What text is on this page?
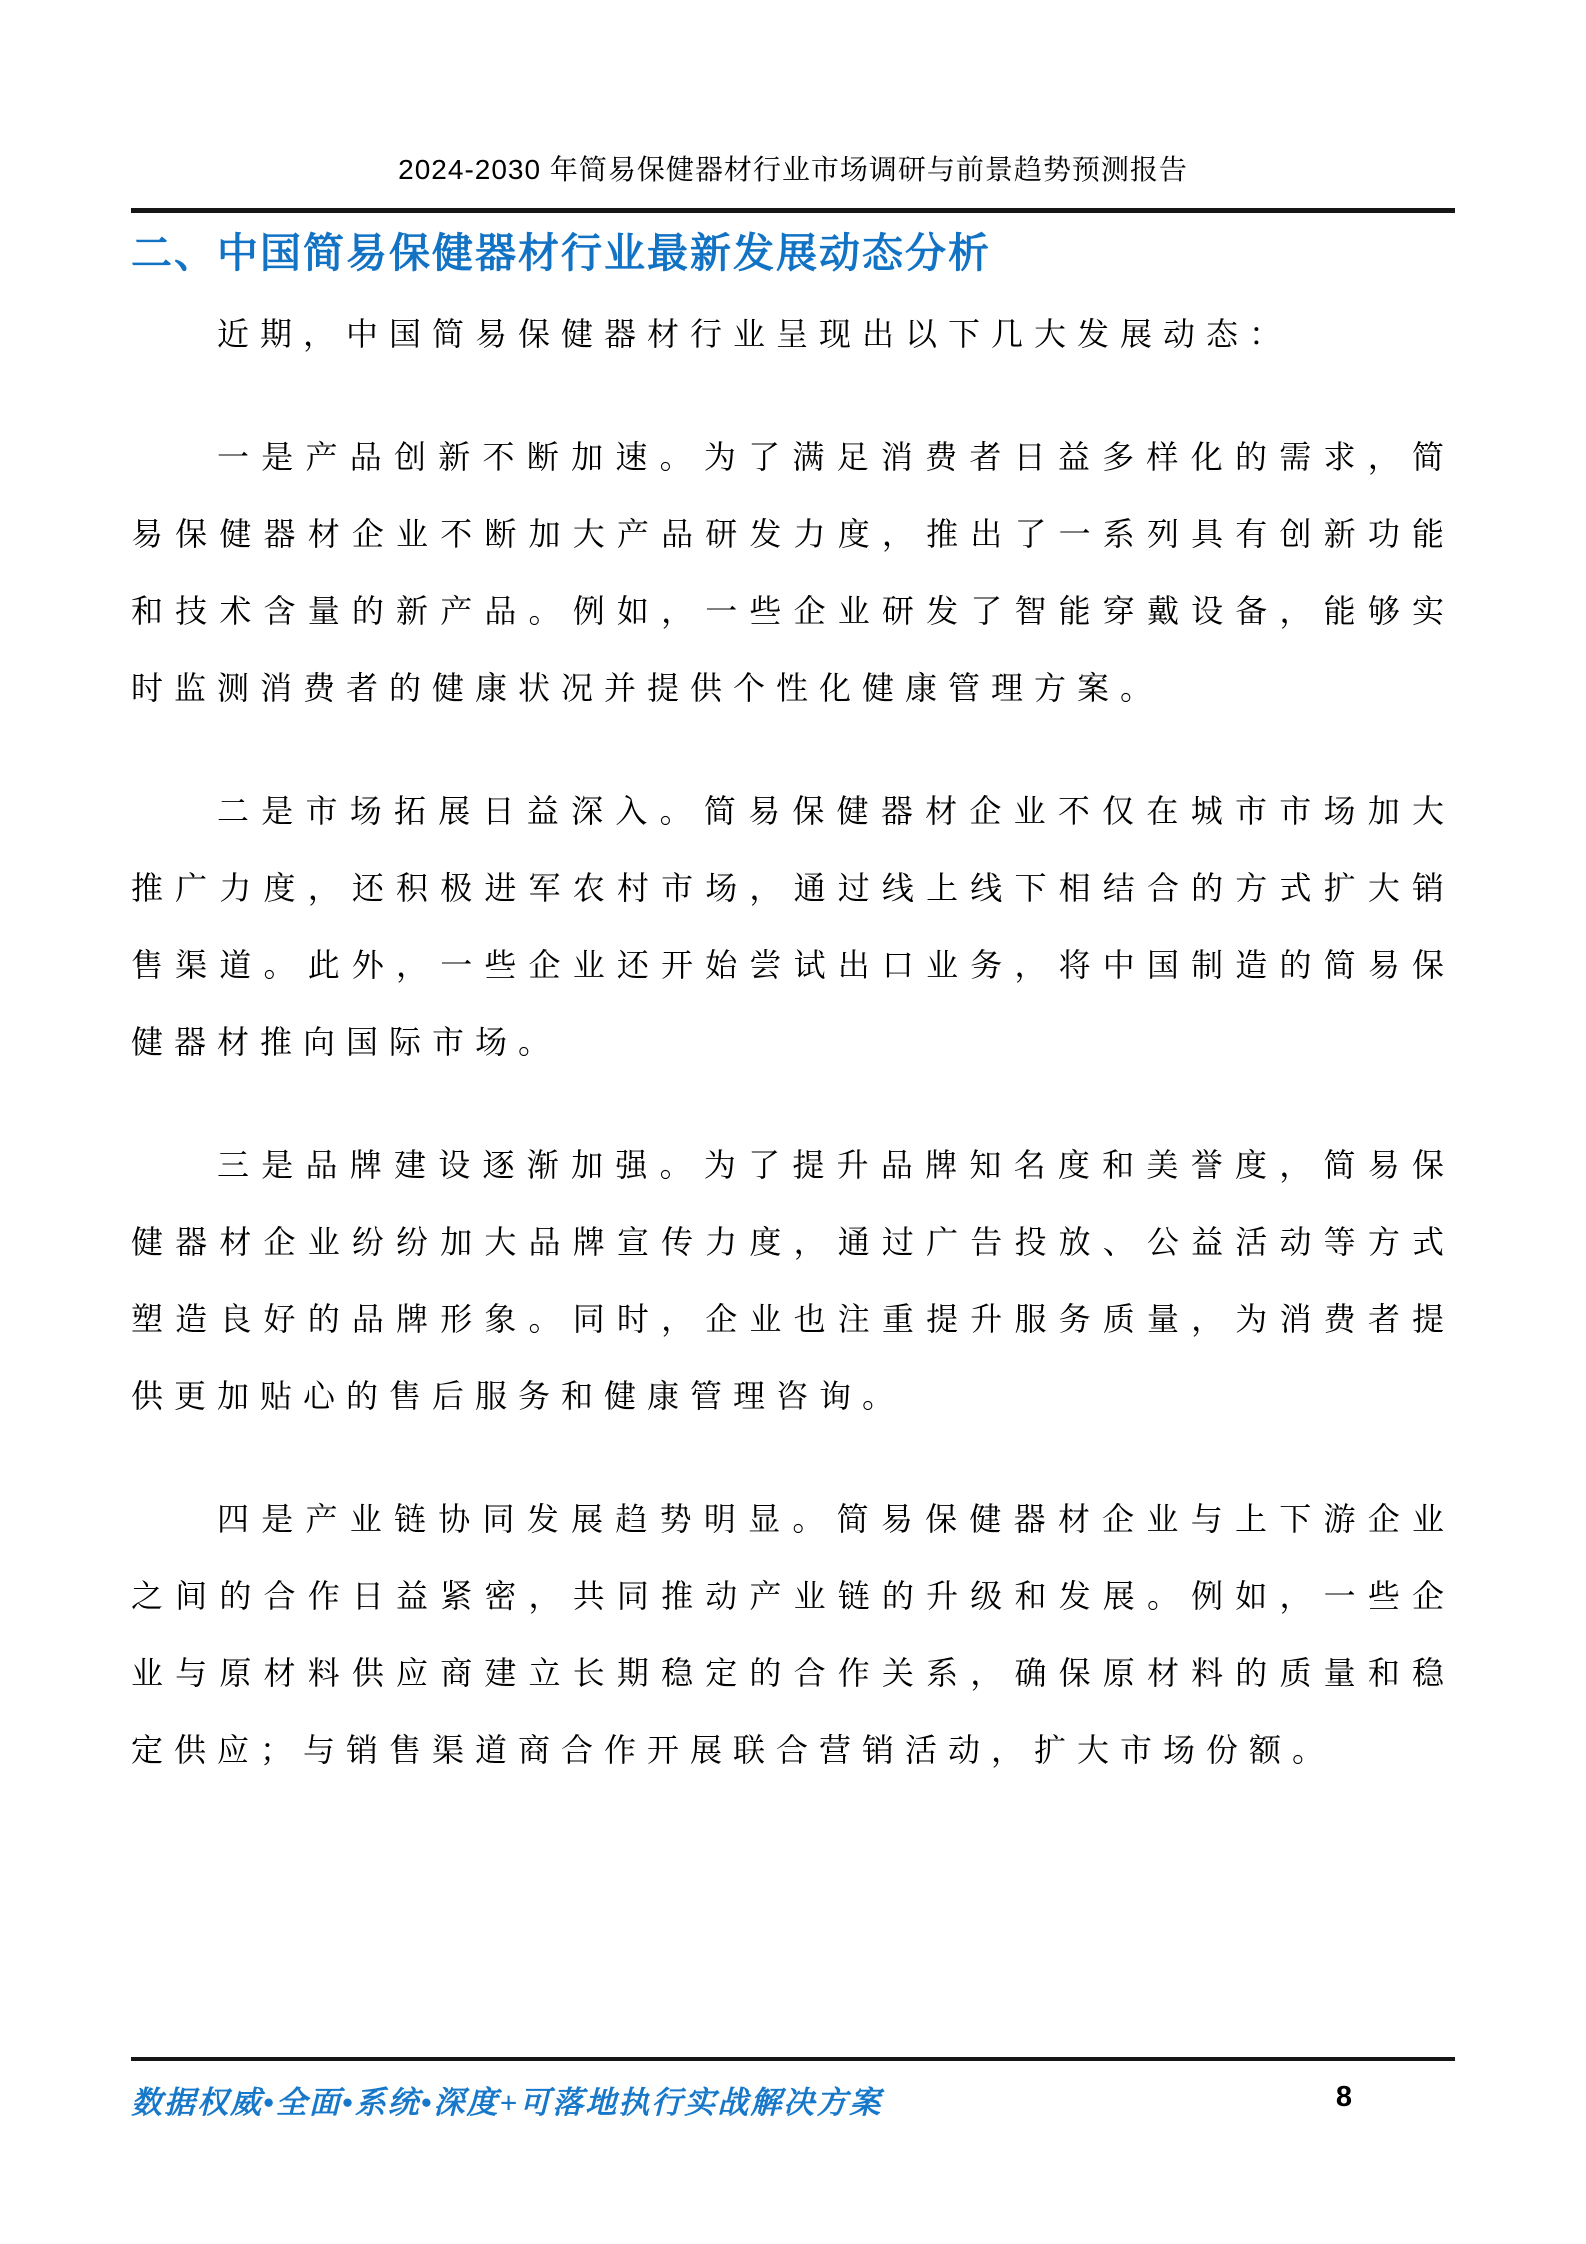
2024-2030 年简易保健器材行业市场调研与前景趋势预测报告
二、中国简易保健器材行业最新发展动态分析

近期，中国简易保健器材行业呈现出以下几大发展动态：

一是产品创新不断加速。为了满足消费者日益多样化的需求，简易保健器材企业不断加大产品研发力度，推出了一系列具有创新功能和技术含量的新产品。例如，一些企业研发了智能穿戴设备，能够实时监测消费者的健康状况并提供个性化健康管理方案。

二是市场拓展日益深入。简易保健器材企业不仅在城市市场加大推广力度，还积极进军农村市场，通过线上线下相结合的方式扩大销售渠道。此外，一些企业还开始尝试出口业务，将中国制造的简易保健器材推向国际市场。

三是品牌建设逐渐加强。为了提升品牌知名度和美誉度，简易保健器材企业纷纷加大品牌宣传力度，通过广告投放、公益活动等方式塑造良好的品牌形象。同时，企业也注重提升服务质量，为消费者提供更加贴心的售后服务和健康管理咨询。

四是产业链协同发展趋势明显。简易保健器材企业与上下游企业之间的合作日益紧密，共同推动产业链的升级和发展。例如，一些企业与原材料供应商建立长期稳定的合作关系，确保原材料的质量和稳定供应；与销售渠道商合作开展联合营销活动，扩大市场份额。

数据权威•全面•系统•深度+可落地执行实战解决方案	8
